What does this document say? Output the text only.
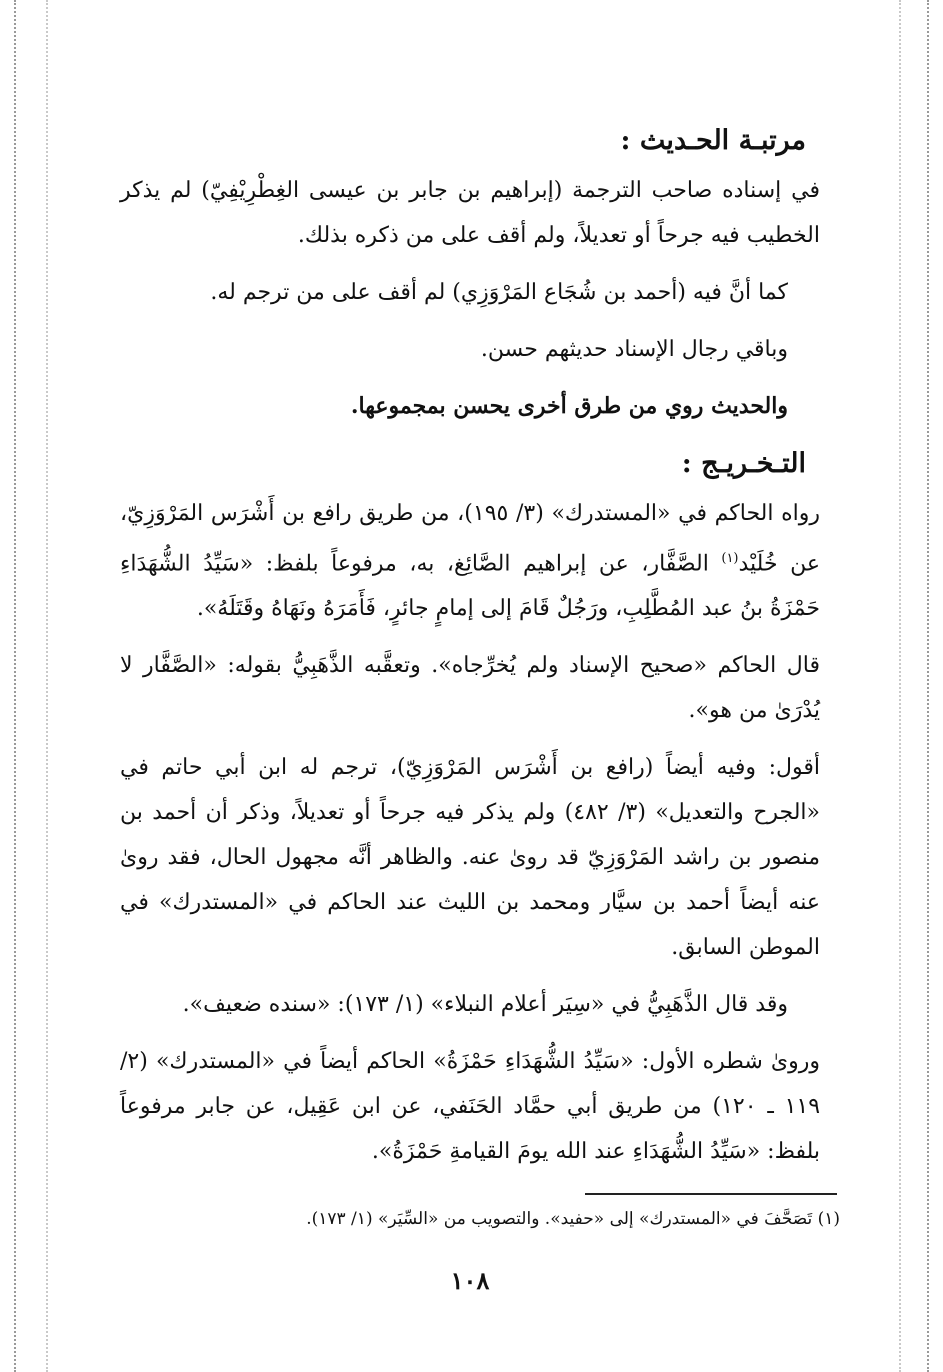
مرتبـة الحـديث :

في إسناده صاحب الترجمة (إبراهيم بن جابر بن عيسى الغِطْرِيْفِيّ) لم يذكر الخطيب فيه جرحاً أو تعديلاً، ولم أقف على من ذكره بذلك.

كما أنَّ فيه (أحمد بن شُجَاع المَرْوَزِي) لم أقف على من ترجم له.

وباقي رجال الإسناد حديثهم حسن.

والحديث روي من طرق أخرى يحسن بمجموعها.

التـخـريـج :

رواه الحاكم في «المستدرك» (٣/ ١٩٥)، من طريق رافع بن أَشْرَس المَرْوَزِيّ، عن خُلَيْد$^{(١)}$ الصَّفَّار، عن إبراهيم الصَّائِغ، به، مرفوعاً بلفظ: «سَيِّدُ الشُّهَدَاءِ حَمْزَةُ بنُ عبد المُطَّلِبِ، ورَجُلٌ قَامَ إلى إمامٍ جائرٍ، فَأَمَرَهُ ونَهَاهُ وقَتَلَهُ».

قال الحاكم «صحيح الإسناد ولم يُخرِّجاه». وتعقَّبه الذَّهَبِيُّ بقوله: «الصَّفَّار لا يُدْرَىٰ من هو».

أقول: وفيه أيضاً (رافع بن أَشْرَس المَرْوَزِيّ)، ترجم له ابن أبي حاتم في «الجرح والتعديل» (٣/ ٤٨٢) ولم يذكر فيه جرحاً أو تعديلاً، وذكر أن أحمد بن منصور بن راشد المَرْوَزِيّ قد روىٰ عنه. والظاهر أنَّه مجهول الحال، فقد روىٰ عنه أيضاً أحمد بن سيَّار ومحمد بن الليث عند الحاكم في «المستدرك» في الموطن السابق.

وقد قال الذَّهَبِيُّ في «سِيَر أعلام النبلاء» (١/ ١٧٣): «سنده ضعيف».

وروىٰ شطره الأول: «سَيِّدُ الشُّهَدَاءِ حَمْزَةُ» الحاكم أيضاً في «المستدرك» (٢/ ١١٩ ـ ١٢٠) من طريق أبي حمَّاد الحَنَفي، عن ابن عَقِيل، عن جابر مرفوعاً بلفظ: «سَيِّدُ الشُّهَدَاءِ عند الله يومَ القيامةِ حَمْزَةُ».

(١) تَصَحَّفَ في «المستدرك» إلى «حفيد». والتصويب من «السِّيَر» (١/ ١٧٣).
١٠٨
